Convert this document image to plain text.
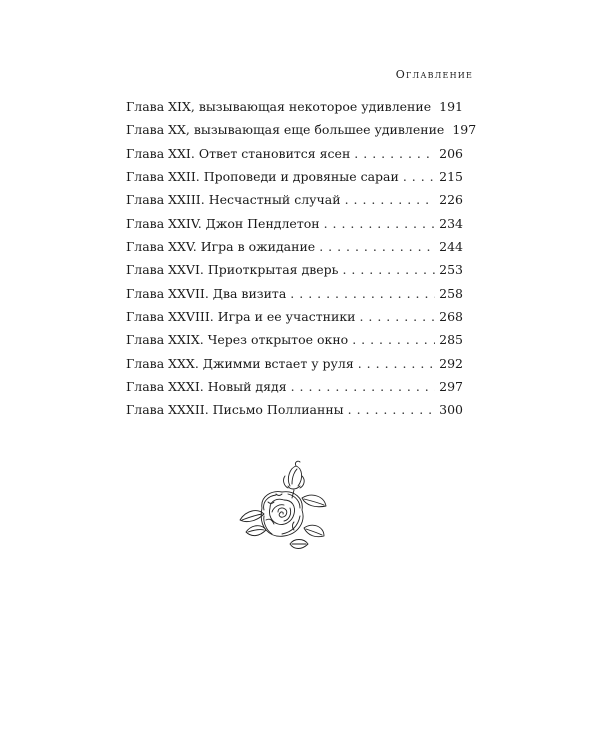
Оглавление
Глава XIX, вызывающая некоторое удивление . . . 191
Глава XX, вызывающая еще большее удивление 197
Глава XXI. Ответ становится ясен . . .	206
Глава XXII. Проповеди и дровяные сараи . . .	215
Глава XXIII. Несчастный случай . . .	226
Глава XXIV. Джон Пендлетон . . .	234
Глава XXV. Игра в ожидание . . .	244
Глава XXVI. Приоткрытая дверь . . .	253
Глава XXVII. Два визита . . .	258
Глава XXVIII. Игра и ее участники . . .	268
Глава XXIX. Через открытое окно . . .	285
Глава XXX. Джимми встает у руля . . .	292
Глава XXXI. Новый дядя . . .	297
Глава XXXII. Письмо Поллианны . . .	300
